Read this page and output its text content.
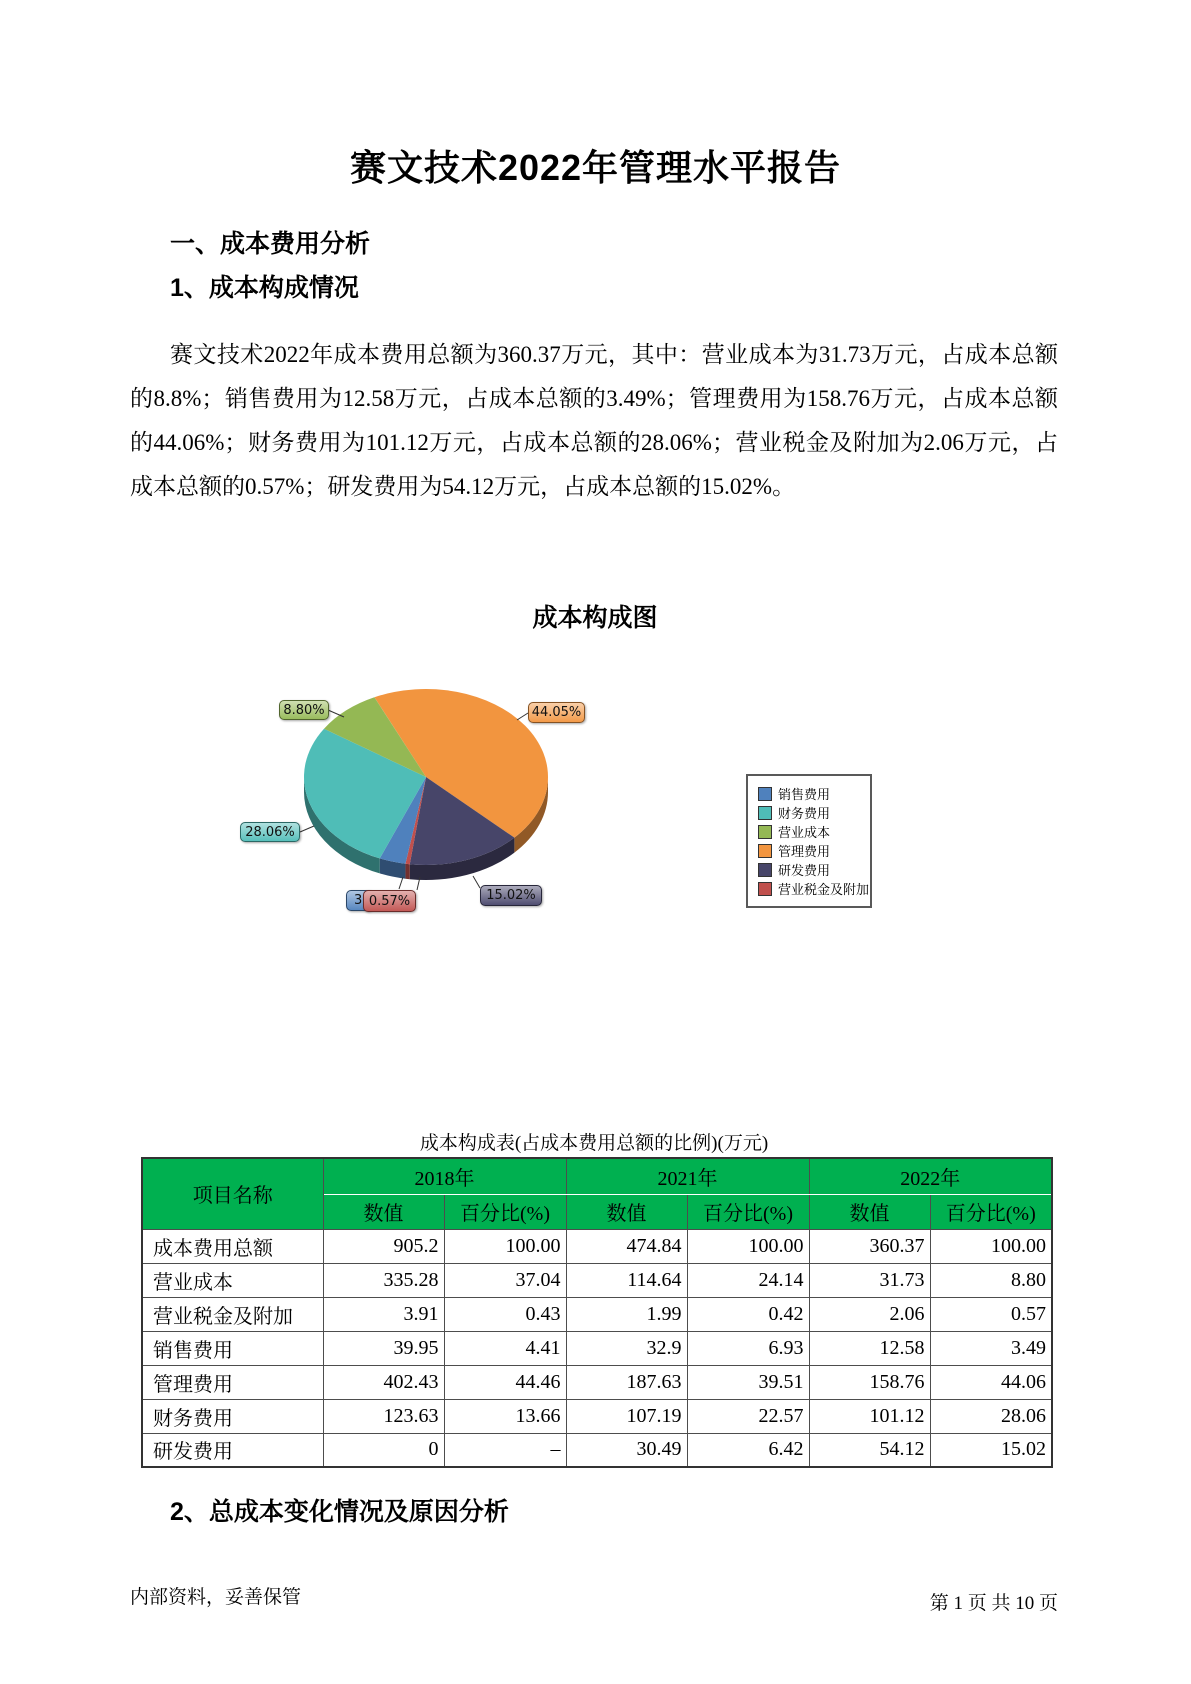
赛文技术2022年管理水平报告
一、成本费用分析
1、成本构成情况
赛文技术2022年成本费用总额为360.37万元，其中：营业成本为31.73万元，占成本总额的8.8%；销售费用为12.58万元，占成本总额的3.49%；管理费用为158.76万元，占成本总额的44.06%；财务费用为101.12万元，占成本总额的28.06%；营业税金及附加为2.06万元，占成本总额的0.57%；研发费用为54.12万元，占成本总额的15.02%。
成本构成图
3
28.06%
8.80%	44.05%
15.02%
0.57%
销售费用
财务费用
营业成本
管理费用
研发费用
营业税金及附加
成本构成表(占成本费用总额的比例)(万元)
项目名称	2018年		2021年		2022年	
	数值	百分比(%)	数值	百分比(%)	数值	百分比(%)
成本费用总额	905.2	100.00	474.84	100.00	360.37	100.00
营业成本	335.28	37.04	114.64	24.14	31.73	8.80
营业税金及附加	3.91	0.43	1.99	0.42	2.06	0.57
销售费用	39.95	4.41	32.9	6.93	12.58	3.49
管理费用	402.43	44.46	187.63	39.51	158.76	44.06
财务费用	123.63	13.66	107.19	22.57	101.12	28.06
研发费用	0	–	30.49	6.42	54.12	15.02
2、总成本变化情况及原因分析
内部资料，妥善保管	第 1 页 共 10 页
